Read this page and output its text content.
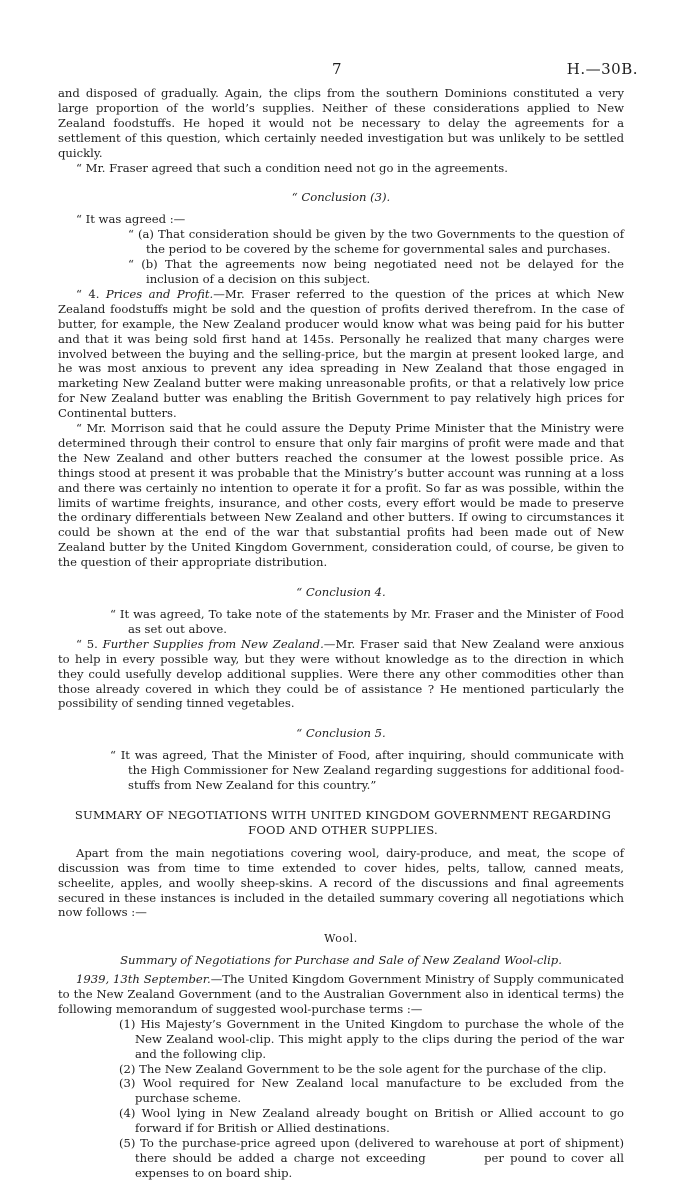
7	H.—30B.

and disposed of gradually. Again, the clips from the southern Dominions constituted a very large proportion of the world’s supplies. Neither of these considerations applied to New Zealand foodstuffs. He hoped it would not be necessary to delay the agreements for a settlement of this question, which certainly needed investigation but was unlikely to be settled quickly.

“ Mr. Fraser agreed that such a condition need not go in the agreements.

“ Conclusion (3).

“ It was agreed :—

“ (a) That consideration should be given by the two Governments to the question of the period to be covered by the scheme for governmental sales and purchases.

“ (b) That the agreements now being negotiated need not be delayed for the inclusion of a decision on this subject.

“ 4. Prices and Profit.—Mr. Fraser referred to the question of the prices at which New Zealand foodstuffs might be sold and the question of profits derived therefrom. In the case of butter, for example, the New Zealand producer would know what was being paid for his butter and that it was being sold first hand at 145s. Personally he realized that many charges were involved between the buying and the selling-price, but the margin at present looked large, and he was most anxious to prevent any idea spreading in New Zealand that those engaged in marketing New Zealand butter were making unreasonable profits, or that a relatively low price for New Zealand butter was enabling the British Government to pay relatively high prices for Continental butters.

“ Mr. Morrison said that he could assure the Deputy Prime Minister that the Ministry were determined through their control to ensure that only fair margins of profit were made and that the New Zealand and other butters reached the consumer at the lowest possible price. As things stood at present it was probable that the Ministry’s butter account was running at a loss and there was certainly no intention to operate it for a profit. So far as was possible, within the limits of wartime freights, insurance, and other costs, every effort would be made to preserve the ordinary differentials between New Zealand and other butters. If owing to circumstances it could be shown at the end of the war that substantial profits had been made out of New Zealand butter by the United Kingdom Government, consideration could, of course, be given to the question of their appropriate distribution.

“ Conclusion 4.

“ It was agreed, To take note of the statements by Mr. Fraser and the Minister of Food as set out above.

“ 5. Further Supplies from New Zealand.—Mr. Fraser said that New Zealand were anxious to help in every possible way, but they were without knowledge as to the direction in which they could usefully develop additional supplies. Were there any other commodities other than those already covered in which they could be of assistance ? He mentioned particularly the possibility of sending tinned vegetables.

“ Conclusion 5.

“ It was agreed, That the Minister of Food, after inquiring, should communicate with the High Commissioner for New Zealand regarding suggestions for additional food-stuffs from New Zealand for this country.”

SUMMARY OF NEGOTIATIONS WITH UNITED KINGDOM GOVERNMENT REGARDING FOOD AND OTHER SUPPLIES.

Apart from the main negotiations covering wool, dairy-produce, and meat, the scope of discussion was from time to time extended to cover hides, pelts, tallow, canned meats, scheelite, apples, and woolly sheep-skins. A record of the discussions and final agreements secured in these instances is included in the detailed summary covering all negotiations which now follows :—

Wool.

Summary of Negotiations for Purchase and Sale of New Zealand Wool-clip.

1939, 13th September.—The United Kingdom Government Ministry of Supply communicated to the New Zealand Government (and to the Australian Government also in identical terms) the following memorandum of suggested wool-purchase terms :—

(1) His Majesty’s Government in the United Kingdom to purchase the whole of the New Zealand wool-clip. This might apply to the clips during the period of the war and the following clip.

(2) The New Zealand Government to be the sole agent for the purchase of the clip.

(3) Wool required for New Zealand local manufacture to be excluded from the purchase scheme.

(4) Wool lying in New Zealand already bought on British or Allied account to go forward if for British or Allied destinations.

(5) To the purchase-price agreed upon (delivered to warehouse at port of shipment) there should be added a charge not exceeding	per pound to cover all expenses to on board ship.
